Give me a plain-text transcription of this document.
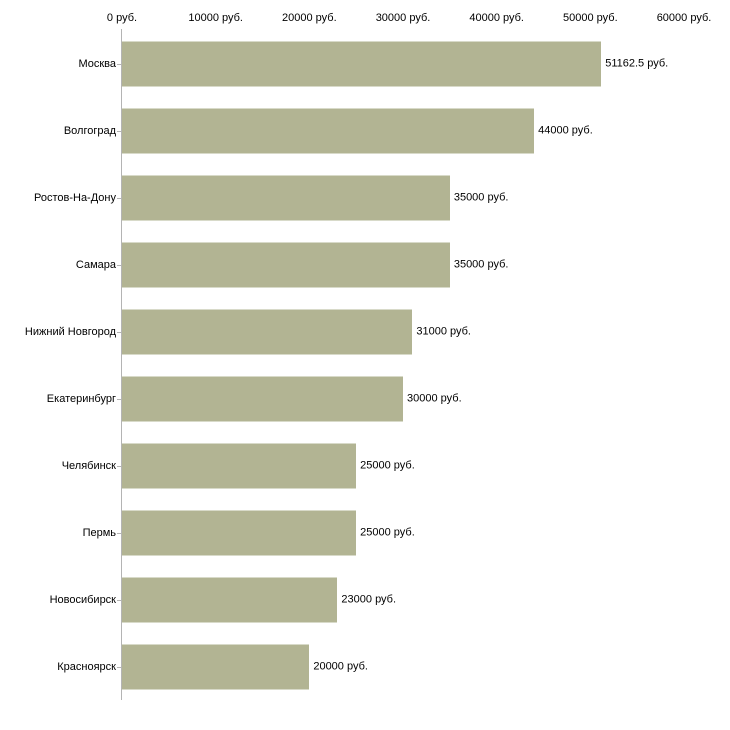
0 руб.	10000 руб.	20000 руб.	30000 руб.	40000 руб.	50000 руб.	60000 руб.
Москва	51162.5 руб.
Волгоград	44000 руб.
Ростов-На-Дону	35000 руб.
Самара	35000 руб.
Нижний Новгород	31000 руб.
Екатеринбург	30000 руб.
Челябинск	25000 руб.
Пермь	25000 руб.
Новосибирск	23000 руб.
Красноярск	20000 руб.
